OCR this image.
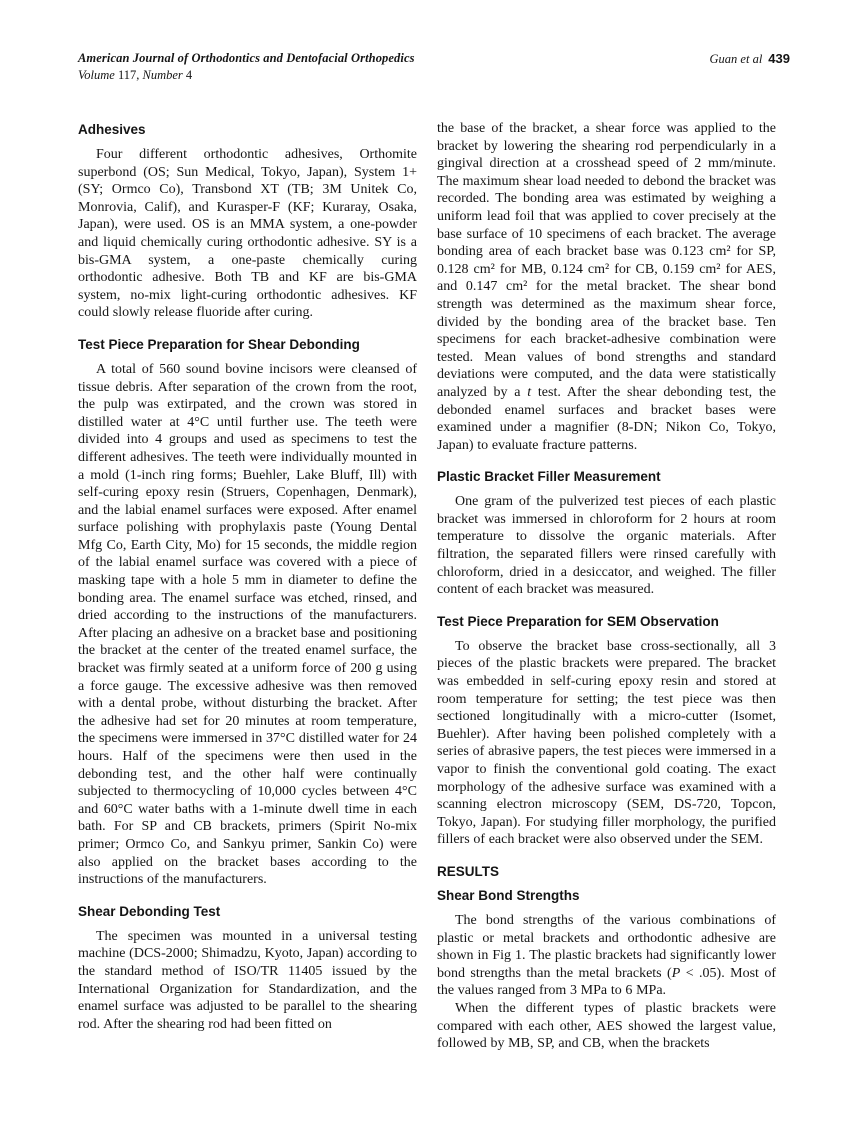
American Journal of Orthodontics and Dentofacial Orthopedics
Volume 117, Number 4
Guan et al 439
Adhesives

Four different orthodontic adhesives, Orthomite superbond (OS; Sun Medical, Tokyo, Japan), System 1+ (SY; Ormco Co), Transbond XT (TB; 3M Unitek Co, Monrovia, Calif), and Kurasper-F (KF; Kuraray, Osaka, Japan), were used. OS is an MMA system, a one-powder and liquid chemically curing orthodontic adhesive. SY is a bis-GMA system, a one-paste chemically curing orthodontic adhesive. Both TB and KF are bis-GMA system, no-mix light-curing orthodontic adhesives. KF could slowly release fluoride after curing.

Test Piece Preparation for Shear Debonding

A total of 560 sound bovine incisors were cleansed of tissue debris. After separation of the crown from the root, the pulp was extirpated, and the crown was stored in distilled water at 4°C until further use. The teeth were divided into 4 groups and used as specimens to test the different adhesives. The teeth were individually mounted in a mold (1-inch ring forms; Buehler, Lake Bluff, Ill) with self-curing epoxy resin (Struers, Copenhagen, Denmark), and the labial enamel surfaces were exposed. After enamel surface polishing with prophylaxis paste (Young Dental Mfg Co, Earth City, Mo) for 15 seconds, the middle region of the labial enamel surface was covered with a piece of masking tape with a hole 5 mm in diameter to define the bonding area. The enamel surface was etched, rinsed, and dried according to the instructions of the manufacturers. After placing an adhesive on a bracket base and positioning the bracket at the center of the treated enamel surface, the bracket was firmly seated at a uniform force of 200 g using a force gauge. The excessive adhesive was then removed with a dental probe, without disturbing the bracket. After the adhesive had set for 20 minutes at room temperature, the specimens were immersed in 37°C distilled water for 24 hours. Half of the specimens were then used in the debonding test, and the other half were continually subjected to thermocycling of 10,000 cycles between 4°C and 60°C water baths with a 1-minute dwell time in each bath. For SP and CB brackets, primers (Spirit No-mix primer; Ormco Co, and Sankyu primer, Sankin Co) were also applied on the bracket bases according to the instructions of the manufacturers.

Shear Debonding Test

The specimen was mounted in a universal testing machine (DCS-2000; Shimadzu, Kyoto, Japan) according to the standard method of ISO/TR 11405 issued by the International Organization for Standardization, and the enamel surface was adjusted to be parallel to the shearing rod. After the shearing rod had been fitted on

the base of the bracket, a shear force was applied to the bracket by lowering the shearing rod perpendicularly in a gingival direction at a crosshead speed of 2 mm/minute. The maximum shear load needed to debond the bracket was recorded. The bonding area was estimated by weighing a uniform lead foil that was applied to cover precisely at the base surface of 10 specimens of each bracket. The average bonding area of each bracket base was 0.123 cm² for SP, 0.128 cm² for MB, 0.124 cm² for CB, 0.159 cm² for AES, and 0.147 cm² for the metal bracket. The shear bond strength was determined as the maximum shear force, divided by the bonding area of the bracket base. Ten specimens for each bracket-adhesive combination were tested. Mean values of bond strengths and standard deviations were computed, and the data were statistically analyzed by a t test. After the shear debonding test, the debonded enamel surfaces and bracket bases were examined under a magnifier (8-DN; Nikon Co, Tokyo, Japan) to evaluate fracture patterns.

Plastic Bracket Filler Measurement

One gram of the pulverized test pieces of each plastic bracket was immersed in chloroform for 2 hours at room temperature to dissolve the organic materials. After filtration, the separated fillers were rinsed carefully with chloroform, dried in a desiccator, and weighed. The filler content of each bracket was measured.

Test Piece Preparation for SEM Observation

To observe the bracket base cross-sectionally, all 3 pieces of the plastic brackets were prepared. The bracket was embedded in self-curing epoxy resin and stored at room temperature for setting; the test piece was then sectioned longitudinally with a micro-cutter (Isomet, Buehler). After having been polished completely with a series of abrasive papers, the test pieces were immersed in a vapor to finish the conventional gold coating. The exact morphology of the adhesive surface was examined with a scanning electron microscopy (SEM, DS-720, Topcon, Tokyo, Japan). For studying filler morphology, the purified fillers of each bracket were also observed under the SEM.

RESULTS
Shear Bond Strengths

The bond strengths of the various combinations of plastic or metal brackets and orthodontic adhesive are shown in Fig 1. The plastic brackets had significantly lower bond strengths than the metal brackets (P < .05). Most of the values ranged from 3 MPa to 6 MPa.

When the different types of plastic brackets were compared with each other, AES showed the largest value, followed by MB, SP, and CB, when the brackets
